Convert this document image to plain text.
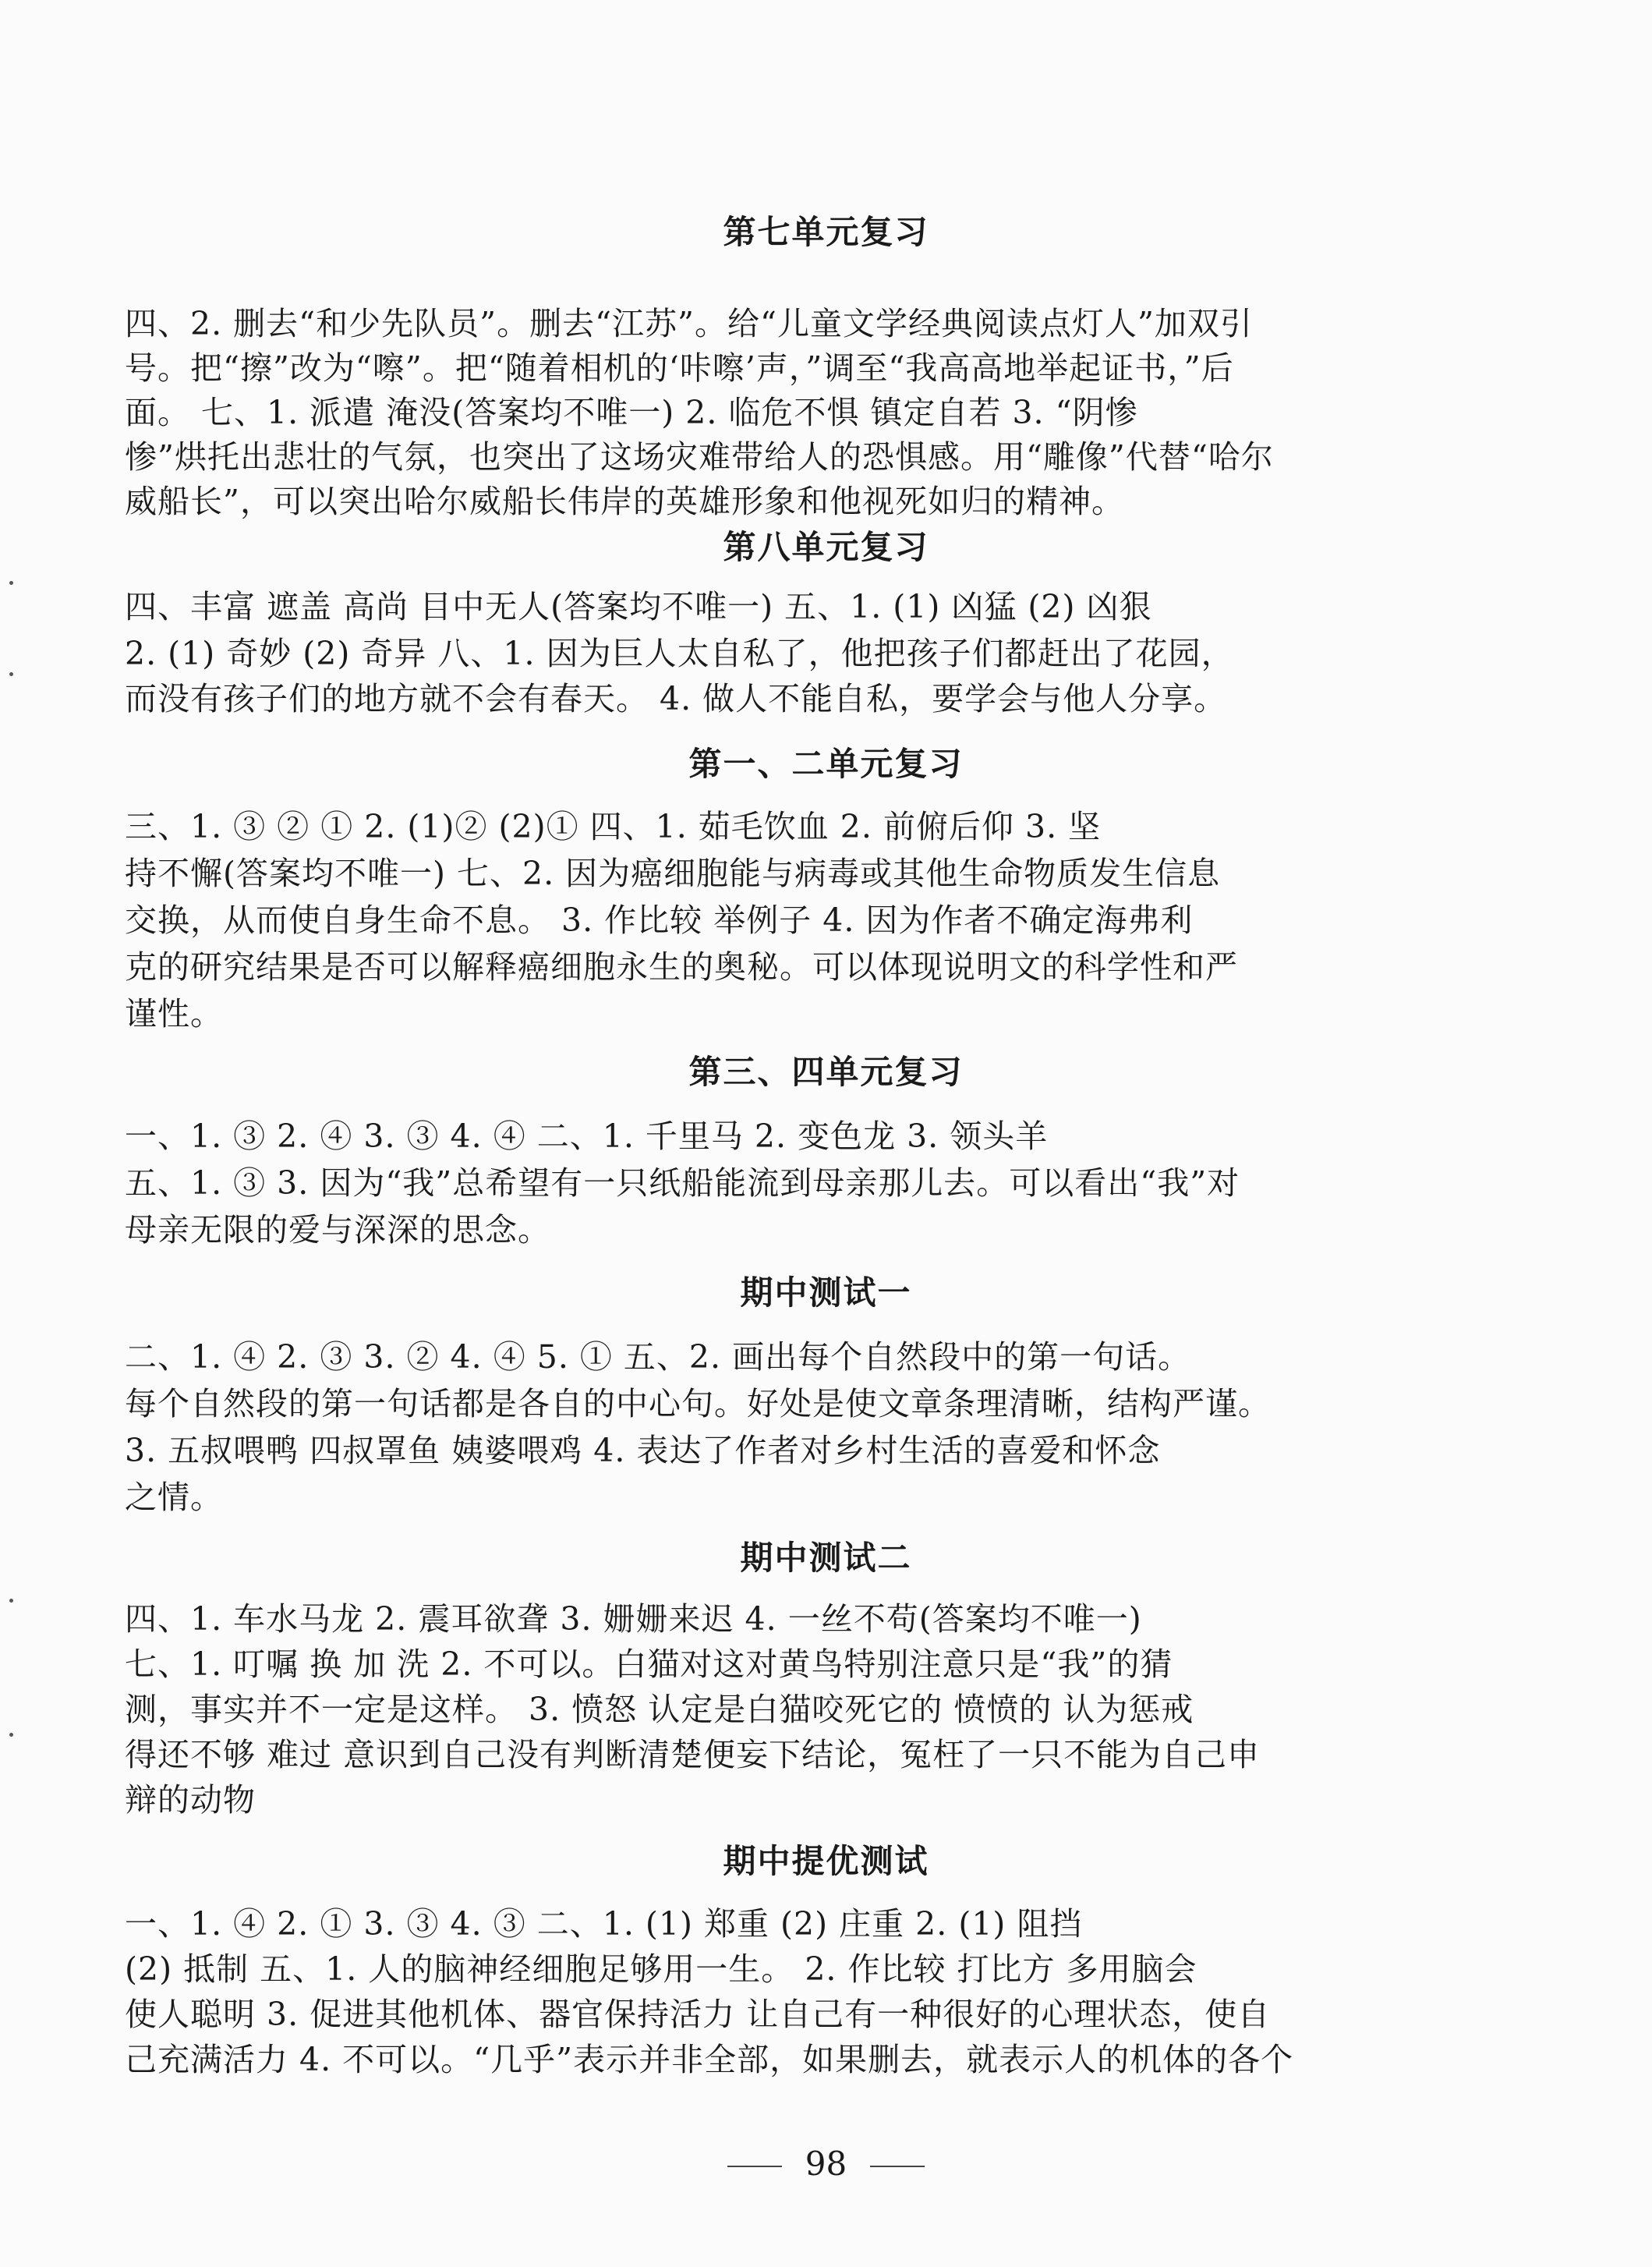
第七单元复习
四、2. 删去“和少先队员”。删去“江苏”。给“儿童文学经典阅读点灯人”加双引
号。把“擦”改为“嚓”。把“随着相机的‘咔嚓’声，”调至“我高高地举起证书，”后
面。 七、1. 派遣 淹没(答案均不唯一) 2. 临危不惧 镇定自若 3. “阴惨
惨”烘托出悲壮的气氛，也突出了这场灾难带给人的恐惧感。用“雕像”代替“哈尔
威船长”，可以突出哈尔威船长伟岸的英雄形象和他视死如归的精神。
第八单元复习
四、丰富 遮盖 高尚 目中无人(答案均不唯一) 五、1. (1) 凶猛 (2) 凶狠
2. (1) 奇妙 (2) 奇异 八、1. 因为巨人太自私了，他把孩子们都赶出了花园，
而没有孩子们的地方就不会有春天。 4. 做人不能自私，要学会与他人分享。
第一、二单元复习
三、1. ③ ② ① 2. (1)② (2)① 四、1. 茹毛饮血 2. 前俯后仰 3. 坚
持不懈(答案均不唯一) 七、2. 因为癌细胞能与病毒或其他生命物质发生信息
交换，从而使自身生命不息。 3. 作比较 举例子 4. 因为作者不确定海弗利
克的研究结果是否可以解释癌细胞永生的奥秘。可以体现说明文的科学性和严
谨性。
第三、四单元复习
一、1. ③ 2. ④ 3. ③ 4. ④ 二、1. 千里马 2. 变色龙 3. 领头羊
五、1. ③ 3. 因为“我”总希望有一只纸船能流到母亲那儿去。可以看出“我”对
母亲无限的爱与深深的思念。
期中测试一
二、1. ④ 2. ③ 3. ② 4. ④ 5. ① 五、2. 画出每个自然段中的第一句话。
每个自然段的第一句话都是各自的中心句。好处是使文章条理清晰，结构严谨。
3. 五叔喂鸭 四叔罩鱼 姨婆喂鸡 4. 表达了作者对乡村生活的喜爱和怀念
之情。
期中测试二
四、1. 车水马龙 2. 震耳欲聋 3. 姗姗来迟 4. 一丝不苟(答案均不唯一)
七、1. 叮嘱 换 加 洗 2. 不可以。白猫对这对黄鸟特别注意只是“我”的猜
测，事实并不一定是这样。 3. 愤怒 认定是白猫咬死它的 愤愤的 认为惩戒
得还不够 难过 意识到自己没有判断清楚便妄下结论，冤枉了一只不能为自己申
辩的动物
期中提优测试
一、1. ④ 2. ① 3. ③ 4. ③ 二、1. (1) 郑重 (2) 庄重 2. (1) 阻挡
(2) 抵制 五、1. 人的脑神经细胞足够用一生。 2. 作比较 打比方 多用脑会
使人聪明 3. 促进其他机体、器官保持活力 让自己有一种很好的心理状态，使自
己充满活力 4. 不可以。“几乎”表示并非全部，如果删去，就表示人的机体的各个
98
